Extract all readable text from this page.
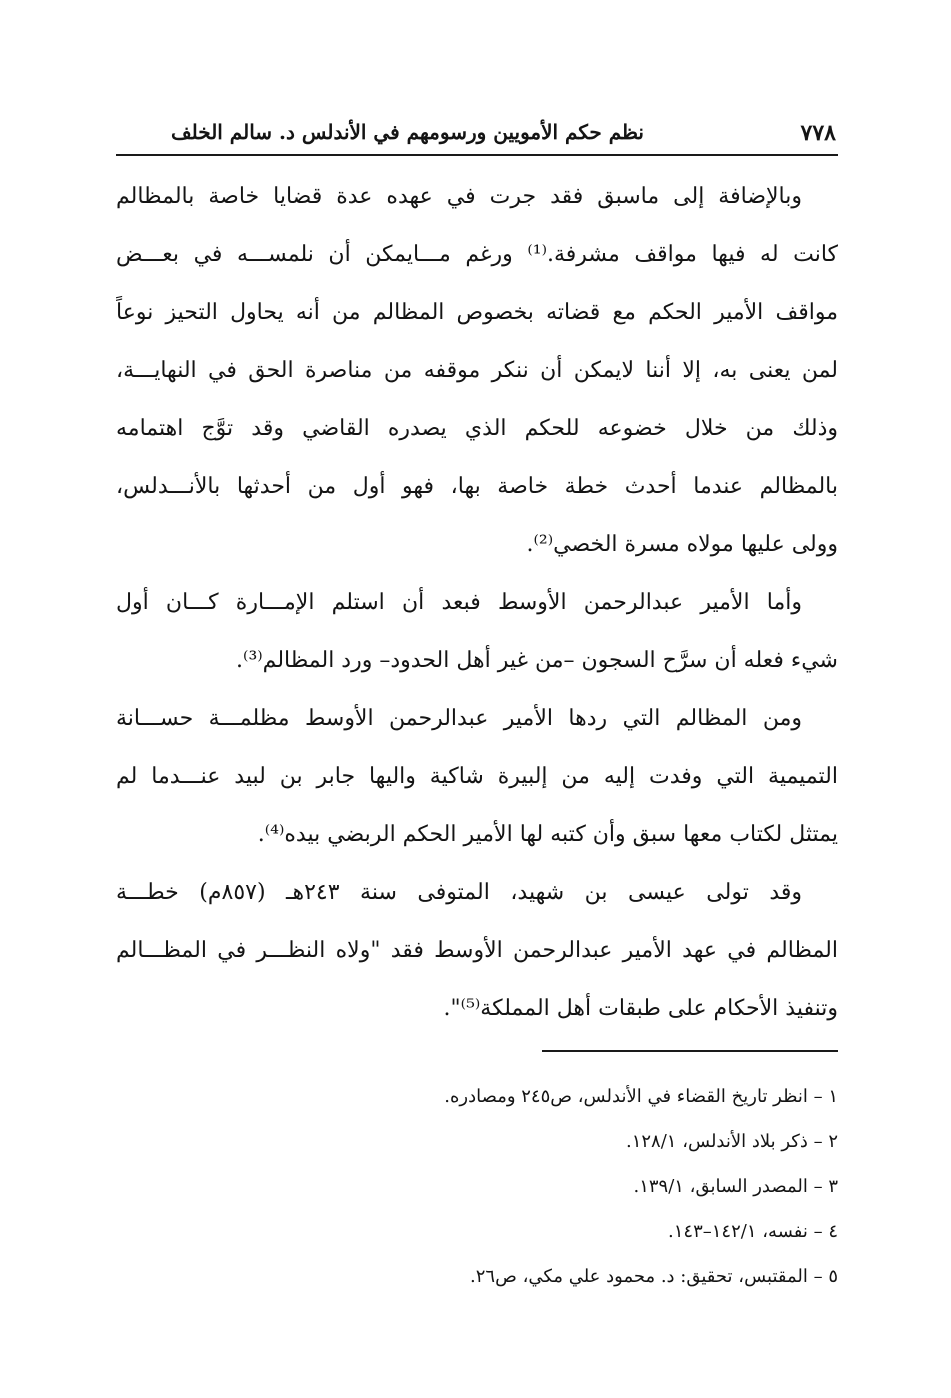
٧٧٨
نظم حكم الأمويين ورسومهم في الأندلس د. سالم الخلف
وبالإضافة إلى ماسبق فقد جرت في عهده عدة قضايا خاصة بالمظالم
كانت له فيها مواقف مشرفة.⁽¹⁾ ورغم مـــايمكن أن نلمســـه في بعـــض
مواقف الأمير الحكم مع قضاته بخصوص المظالم من أنه يحاول التحيز نوعاً
لمن يعنى به، إلا أننا لايمكن أن ننكر موقفه من مناصرة الحق في النهايـــة،
وذلك من خلال خضوعه للحكم الذي يصدره القاضي وقد توَّج اهتمامه
بالمظالم عندما أحدث خطة خاصة بها، فهو أول من أحدثها بالأنـــدلس،
وولى عليها مولاه مسرة الخصي⁽²⁾.
وأما الأمير عبدالرحمن الأوسط فبعد أن استلم الإمـــارة كـــان أول
شيء فعله أن سرَّح السجون –من غير أهل الحدود– ورد المظالم⁽³⁾.
ومن المظالم التي ردها الأمير عبدالرحمن الأوسط مظلمـــة حســـانة
التميمية التي وفدت إليه من إلبيرة شاكية واليها جابر بن لبيد عنـــدما لم
يمتثل لكتاب معها سبق وأن كتبه لها الأمير الحكم الربضي بيده⁽⁴⁾.
وقد تولى عيسى بن شهيد، المتوفى سنة ٢٤٣هـ (٨٥٧م) خطـــة
المظالم في عهد الأمير عبدالرحمن الأوسط فقد "ولاه النظـــر في المظـــالم
وتنفيذ الأحكام على طبقات أهل المملكة⁽⁵⁾".
١ – انظر تاريخ القضاء في الأندلس، ص٢٤٥ ومصادره.
٢ – ذكر بلاد الأندلس، ١٢٨/١.
٣ – المصدر السابق، ١٣٩/١.
٤ – نفسه، ١٤٢/١–١٤٣.
٥ – المقتبس، تحقيق: د. محمود علي مكي، ص٢٦.
